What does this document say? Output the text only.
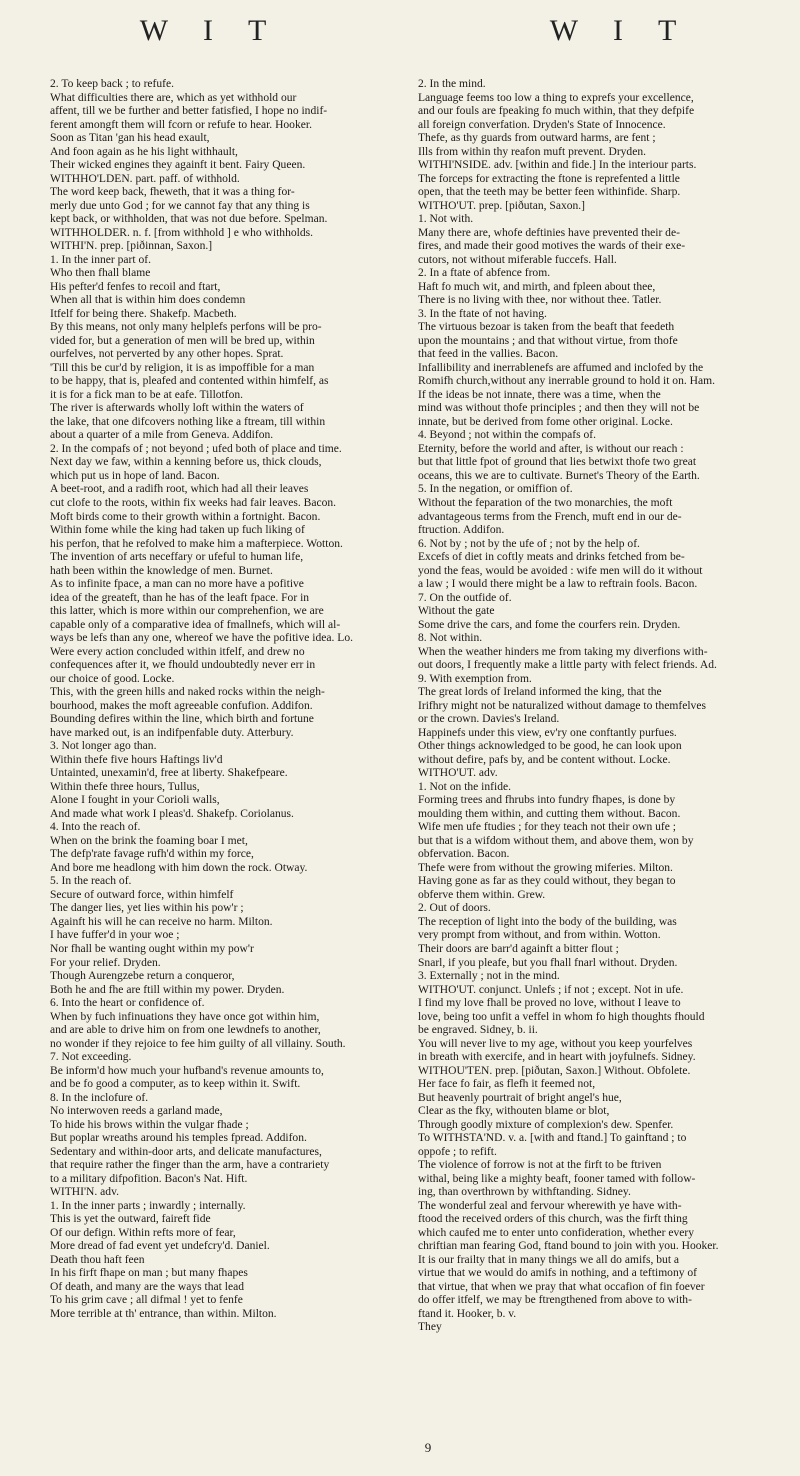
W I T	W I T
2. To keep back ; to refufe.
What difficulties there are, which as yet withhold our
affent, till we be further and better fatisfied, I hope no indif-
ferent amongft them will fcorn or refufe to hear. Hooker.
Soon as Titan 'gan his head exault,
And foon again as he his light withhault,
Their wicked engines they againft it bent. Fairy Queen.
WITHHO'LDEN. part. paff. of withhold.
The word keep back, fheweth, that it was a thing for-
merly due unto God ; for we cannot fay that any thing is
kept back, or withholden, that was not due before. Spelman.
WITHHOLDER. n. f. [from withhold ] e who withholds.
WITHI'N. prep. [piðinnan, Saxon.]
1. In the inner part of.
Who then fhall blame
His pefter'd fenfes to recoil and ftart,
When all that is within him does condemn
Itfelf for being there. Shakefp. Macbeth.
By this means, not only many helplefs perfons will be pro-
vided for, but a generation of men will be bred up, within
ourfelves, not perverted by any other hopes. Sprat.
'Till this be cur'd by religion, it is as impoffible for a man
to be happy, that is, pleafed and contented within himfelf, as
it is for a fick man to be at eafe. Tillotfon.
The river is afterwards wholly loft within the waters of
the lake, that one difcovers nothing like a ftream, till within
about a quarter of a mile from Geneva. Addifon.
2. In the compafs of ; not beyond ; ufed both of place and time.
Next day we faw, within a kenning before us, thick clouds,
which put us in hope of land. Bacon.
A beet-root, and a radifh root, which had all their leaves
cut clofe to the roots, within fix weeks had fair leaves. Bacon.
Moft birds come to their growth within a fortnight. Bacon.
Within fome while the king had taken up fuch liking of
his perfon, that he refolved to make him a mafterpiece. Wotton.
The invention of arts neceffary or ufeful to human life,
hath been within the knowledge of men. Burnet.
As to infinite fpace, a man can no more have a pofitive
idea of the greateft, than he has of the leaft fpace. For in
this latter, which is more within our comprehenfion, we are
capable only of a comparative idea of fmallnefs, which will al-
ways be lefs than any one, whereof we have the pofitive idea. Lo.
Were every action concluded within itfelf, and drew no
confequences after it, we fhould undoubtedly never err in
our choice of good. Locke.
This, with the green hills and naked rocks within the neigh-
bourhood, makes the moft agreeable confufion. Addifon.
Bounding defires within the line, which birth and fortune
have marked out, is an indifpenfable duty. Atterbury.
3. Not longer ago than.
Within thefe five hours Haftings liv'd
Untainted, unexamin'd, free at liberty. Shakefpeare.
Within thefe three hours, Tullus,
Alone I fought in your Corioli walls,
And made what work I pleas'd. Shakefp. Coriolanus.
4. Into the reach of.
When on the brink the foaming boar I met,
The defp'rate favage rufh'd within my force,
And bore me headlong with him down the rock. Otway.
5. In the reach of.
Secure of outward force, within himfelf
The danger lies, yet lies within his pow'r ;
Againft his will he can receive no harm. Milton.
I have fuffer'd in your woe ;
Nor fhall be wanting ought within my pow'r
For your relief. Dryden.
Though Aurengzebe return a conqueror,
Both he and fhe are ftill within my power. Dryden.
6. Into the heart or confidence of.
When by fuch infinuations they have once got within him,
and are able to drive him on from one lewdnefs to another,
no wonder if they rejoice to fee him guilty of all villainy. South.
7. Not exceeding.
Be inform'd how much your hufband's revenue amounts to,
and be fo good a computer, as to keep within it. Swift.
8. In the inclofure of.
No interwoven reeds a garland made,
To hide his brows within the vulgar fhade ;
But poplar wreaths around his temples fpread. Addifon.
Sedentary and within-door arts, and delicate manufactures,
that require rather the finger than the arm, have a contrariety
to a military difpofition. Bacon's Nat. Hift.
WITHI'N. adv.
1. In the inner parts ; inwardly ; internally.
This is yet the outward, faireft fide
Of our defign. Within refts more of fear,
More dread of fad event yet undefcry'd. Daniel.
Death thou haft feen
In his firft fhape on man ; but many fhapes
Of death, and many are the ways that lead
To his grim cave ; all difmal ! yet to fenfe
More terrible at th' entrance, than within. Milton.
2. In the mind.
Language feems too low a thing to exprefs your excellence,
and our fouls are fpeaking fo much within, that they defpife
all foreign converfation. Dryden's State of Innocence.
Thefe, as thy guards from outward harms, are fent ;
Ills from within thy reafon muft prevent. Dryden.
WITHI'NSIDE. adv. [within and fide.] In the interiour parts.
The forceps for extracting the ftone is reprefented a little
open, that the teeth may be better feen withinfide. Sharp.
WITHO'UT. prep. [piðutan, Saxon.]
1. Not with.
Many there are, whofe deftinies have prevented their de-
fires, and made their good motives the wards of their exe-
cutors, not without miferable fuccefs. Hall.
2. In a ftate of abfence from.
Haft fo much wit, and mirth, and fpleen about thee,
There is no living with thee, nor without thee. Tatler.
3. In the ftate of not having.
The virtuous bezoar is taken from the beaft that feedeth
upon the mountains ; and that without virtue, from thofe
that feed in the vallies. Bacon.
Infallibility and inerrablenefs are affumed and inclofed by the
Romifh church,without any inerrable ground to hold it on. Ham.
If the ideas be not innate, there was a time, when the
mind was without thofe principles ; and then they will not be
innate, but be derived from fome other original. Locke.
4. Beyond ; not within the compafs of.
Eternity, before the world and after, is without our reach :
but that little fpot of ground that lies betwixt thofe two great
oceans, this we are to cultivate. Burnet's Theory of the Earth.
5. In the negation, or omiffion of.
Without the feparation of the two monarchies, the moft
advantageous terms from the French, muft end in our de-
ftruction. Addifon.
6. Not by ; not by the ufe of ; not by the help of.
Excefs of diet in coftly meats and drinks fetched from be-
yond the feas, would be avoided : wife men will do it without
a law ; I would there might be a law to reftrain fools. Bacon.
7. On the outfide of.
Without the gate
Some drive the cars, and fome the courfers rein. Dryden.
8. Not within.
When the weather hinders me from taking my diverfions with-
out doors, I frequently make a little party with felect friends. Ad.
9. With exemption from.
The great lords of Ireland informed the king, that the
Irifhry might not be naturalized without damage to themfelves
or the crown. Davies's Ireland.
Happinefs under this view, ev'ry one conftantly purfues.
Other things acknowledged to be good, he can look upon
without defire, pafs by, and be content without. Locke.
WITHO'UT. adv.
1. Not on the infide.
Forming trees and fhrubs into fundry fhapes, is done by
moulding them within, and cutting them without. Bacon.
Wife men ufe ftudies ; for they teach not their own ufe ;
but that is a wifdom without them, and above them, won by
obfervation. Bacon.
Thefe were from without the growing miferies. Milton.
Having gone as far as they could without, they began to
obferve them within. Grew.
2. Out of doors.
The reception of light into the body of the building, was
very prompt from without, and from within. Wotton.
Their doors are barr'd againft a bitter flout ;
Snarl, if you pleafe, but you fhall fnarl without. Dryden.
3. Externally ; not in the mind.
WITHO'UT. conjunct. Unlefs ; if not ; except. Not in ufe.
I find my love fhall be proved no love, without I leave to
love, being too unfit a veffel in whom fo high thoughts fhould
be engraved. Sidney, b. ii.
You will never live to my age, without you keep yourfelves
in breath with exercife, and in heart with joyfulnefs. Sidney.
WITHOU'TEN. prep. [piðutan, Saxon.] Without. Obfolete.
Her face fo fair, as flefh it feemed not,
But heavenly pourtrait of bright angel's hue,
Clear as the fky, withouten blame or blot,
Through goodly mixture of complexion's dew. Spenfer.
To WITHSTA'ND. v. a. [with and ftand.] To gainftand ; to
oppofe ; to refift.
The violence of forrow is not at the firft to be ftriven
withal, being like a mighty beaft, fooner tamed with follow-
ing, than overthrown by withftanding. Sidney.
The wonderful zeal and fervour wherewith ye have with-
ftood the received orders of this church, was the firft thing
which caufed me to enter unto confideration, whether every
chriftian man fearing God, ftand bound to join with you. Hooker.
It is our frailty that in many things we all do amifs, but a
virtue that we would do amifs in nothing, and a teftimony of
that virtue, that when we pray that what occafion of fin foever
do offer itfelf, we may be ftrengthened from above to with-
ftand it. Hooker, b. v.
They
9
